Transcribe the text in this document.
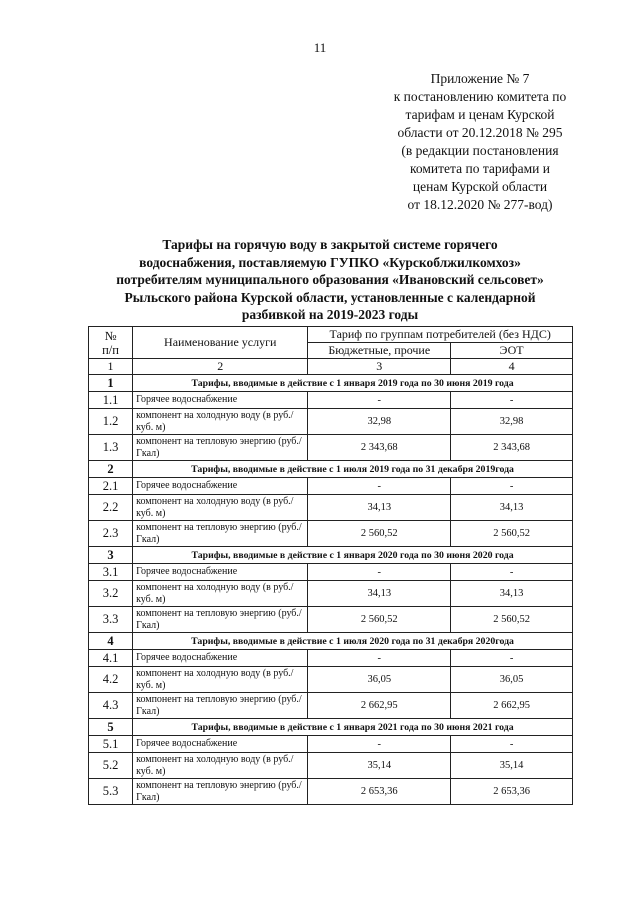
11
Приложение № 7
к постановлению комитета по
тарифам и ценам Курской
области от 20.12.2018 № 295
(в редакции постановления
комитета по тарифами и
ценам Курской области
от 18.12.2020 № 277-вод)
Тарифы на горячую воду в закрытой системе горячего
водоснабжения, поставляемую ГУПКО «Курскоблжилкомхоз»
потребителям муниципального образования «Ивановский сельсовет»
Рыльского района Курской области, установленные с календарной
разбивкой на 2019-2023 годы
№
п/п	Наименование услуги	Тариф по группам потребителей (без НДС)	
		Бюджетные, прочие	ЭОТ
1	2	3	4
1	Тарифы, вводимые в действие с 1 января 2019 года по 30 июня 2019 года		
1.1	Горячее водоснабжение	-	-
1.2	компонент на холодную воду (в руб./куб. м)	32,98	32,98
1.3	компонент на тепловую энергию (руб./Гкал)	2 343,68	2 343,68
2	Тарифы, вводимые в действие с 1 июля 2019 года по 31 декабря 2019года		
2.1	Горячее водоснабжение	-	-
2.2	компонент на холодную воду (в руб./куб. м)	34,13	34,13
2.3	компонент на тепловую энергию (руб./Гкал)	2 560,52	2 560,52
3	Тарифы, вводимые в действие с 1 января 2020 года по 30 июня 2020 года		
3.1	Горячее водоснабжение	-	-
3.2	компонент на холодную воду (в руб./куб. м)	34,13	34,13
3.3	компонент на тепловую энергию (руб./Гкал)	2 560,52	2 560,52
4	Тарифы, вводимые в действие с 1 июля 2020 года по 31 декабря 2020года		
4.1	Горячее водоснабжение	-	-
4.2	компонент на холодную воду (в руб./куб. м)	36,05	36,05
4.3	компонент на тепловую энергию (руб./Гкал)	2 662,95	2 662,95
5	Тарифы, вводимые в действие с 1 января 2021 года по 30 июня 2021 года		
5.1	Горячее водоснабжение	-	-
5.2	компонент на холодную воду (в руб./куб. м)	35,14	35,14
5.3	компонент на тепловую энергию (руб./Гкал)	2 653,36	2 653,36
